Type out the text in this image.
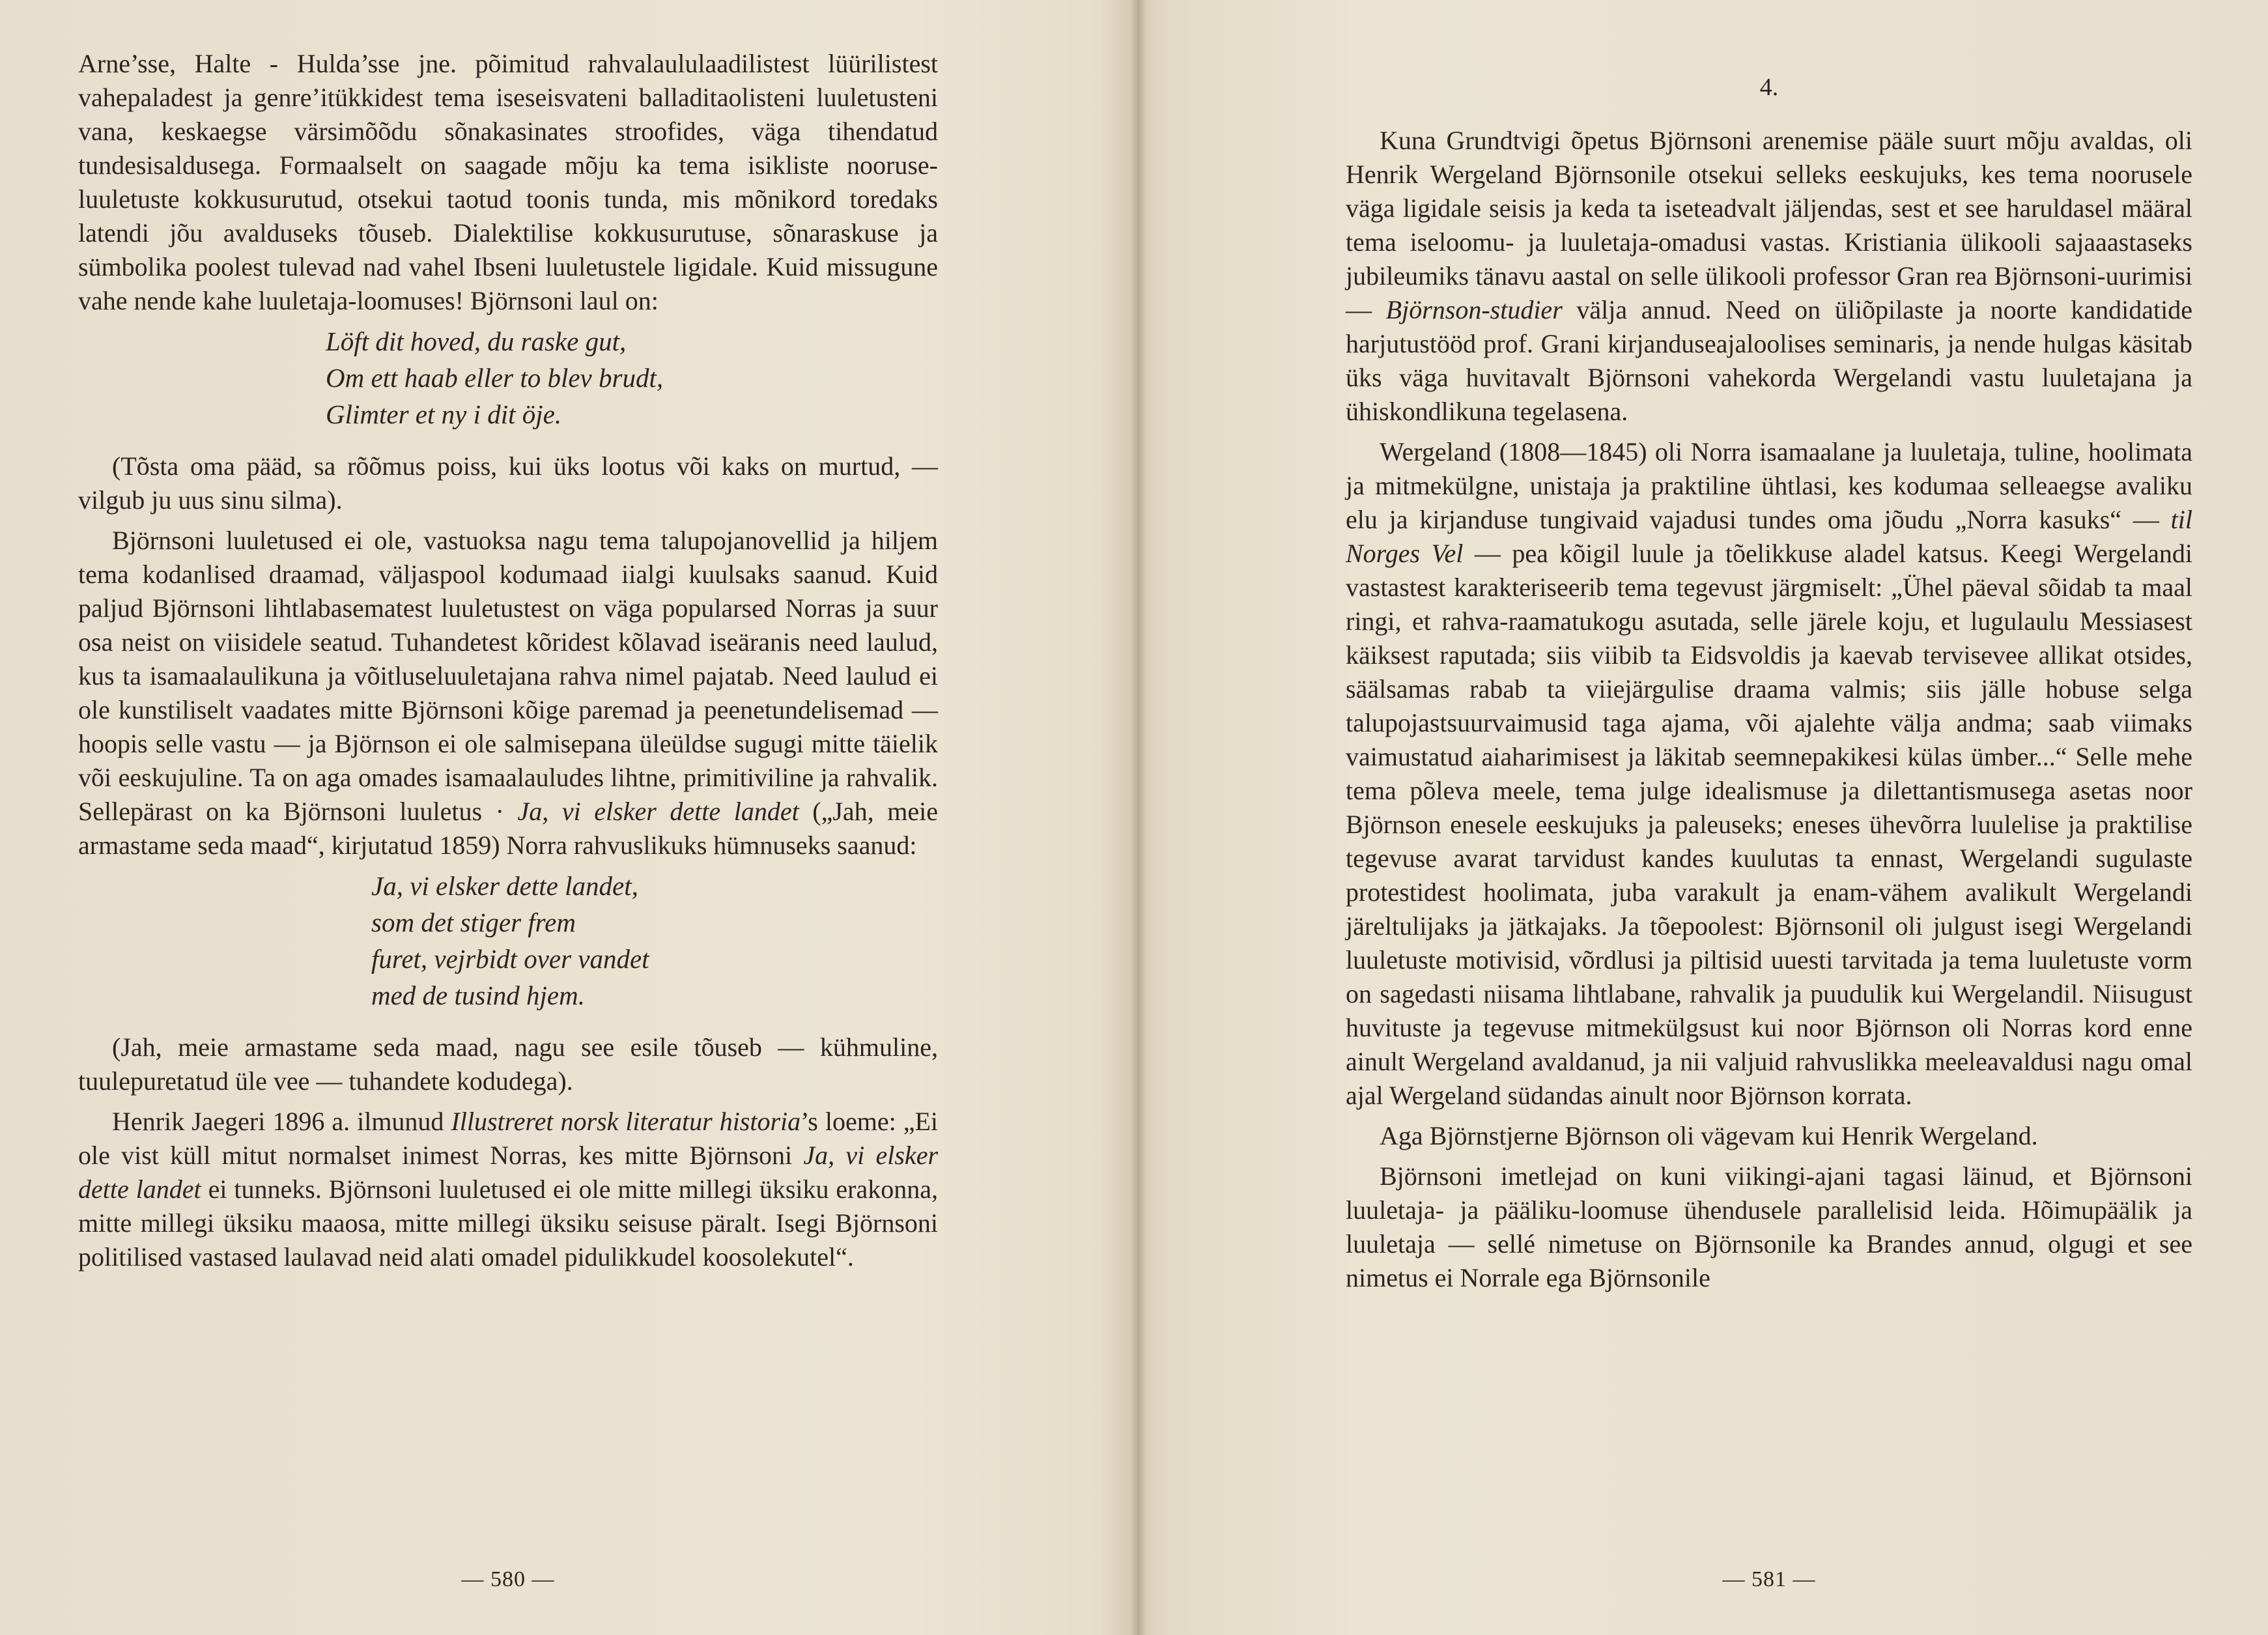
Arne’sse, Halte - Hulda’sse jne. põimitud rahvalaululaadilistest lüürilistest vahepaladest ja genre’itükkidest tema iseseisvateni balladitaolisteni luuletusteni vana, keskaegse värsimõõdu sõnakasinates stroofides, väga tihendatud tundesisaldusega. Formaalselt on saagade mõju ka tema isikliste nooruse-luuletuste kokkusurutud, otsekui taotud toonis tunda, mis mõnikord toredaks latendi jõu avalduseks tõuseb. Dialektilise kokkusurutuse, sõnaraskuse ja sümbolika poolest tulevad nad vahel Ibseni luuletustele ligidale. Kuid missugune vahe nende kahe luuletaja-loomuses! Björnsoni laul on:

Löft dit hoved, du raske gut,
Om ett haab eller to blev brudt,
Glimter et ny i dit öje.

(Tõsta oma pääd, sa rõõmus poiss, kui üks lootus või kaks on murtud, — vilgub ju uus sinu silma).

Björnsoni luuletused ei ole, vastuoksa nagu tema talupojanovellid ja hiljem tema kodanlised draamad, väljaspool kodumaad iialgi kuulsaks saanud. Kuid paljud Björnsoni lihtlabasematest luuletustest on väga popularsed Norras ja suur osa neist on viisidele seatud. Tuhandetest kõridest kõlavad iseäranis need laulud, kus ta isamaalaulikuna ja võitluseluuletajana rahva nimel pajatab. Need laulud ei ole kunstiliselt vaadates mitte Björnsoni kõige paremad ja peenetundelisemad — hoopis selle vastu — ja Björnson ei ole salmisepana üleüldse sugugi mitte täielik või eeskujuline. Ta on aga omades isamaalauludes lihtne, primitiviline ja rahvalik. Sellepärast on ka Björnsoni luuletus · Ja, vi elsker dette landet („Jah, meie armastame seda maad“, kirjutatud 1859) Norra rahvuslikuks hümnuseks saanud:

Ja, vi elsker dette landet,
som det stiger frem
furet, vejrbidt over vandet
med de tusind hjem.

(Jah, meie armastame seda maad, nagu see esile tõuseb — kühmuline, tuulepuretatud üle vee — tuhandete kodudega).

Henrik Jaegeri 1896 a. ilmunud Illustreret norsk literatur historia’s loeme: „Ei ole vist küll mitut normalset inimest Norras, kes mitte Björnsoni Ja, vi elsker dette landet ei tunneks. Björnsoni luuletused ei ole mitte millegi üksiku erakonna, mitte millegi üksiku maaosa, mitte millegi üksiku seisuse päralt. Isegi Björnsoni politilised vastased laulavad neid alati omadel pidulikkudel koosolekutel“.

— 580 —
4.

Kuna Grundtvigi õpetus Björnsoni arenemise pääle suurt mõju avaldas, oli Henrik Wergeland Björnsonile otsekui selleks eeskujuks, kes tema noorusele väga ligidale seisis ja keda ta iseteadvalt jäljendas, sest et see haruldasel määral tema iseloomu- ja luuletaja-omadusi vastas. Kristiania ülikooli sajaaastaseks jubileumiks tänavu aastal on selle ülikooli professor Gran rea Björnsoni-uurimisi — Björnson-studier välja annud. Need on üliõpilaste ja noorte kandidatide harjutustööd prof. Grani kirjanduseajaloolises seminaris, ja nende hulgas käsitab üks väga huvitavalt Björnsoni vahekorda Wergelandi vastu luuletajana ja ühiskondlikuna tegelasena.

Wergeland (1808—1845) oli Norra isamaalane ja luuletaja, tuline, hoolimata ja mitmekülgne, unistaja ja praktiline ühtlasi, kes kodumaa selleaegse avaliku elu ja kirjanduse tungivaid vajadusi tundes oma jõudu „Norra kasuks“ — til Norges Vel — pea kõigil luule ja tõelikkuse aladel katsus. Keegi Wergelandi vastastest karakteriseerib tema tegevust järgmiselt: „Ühel päeval sõidab ta maal ringi, et rahva-raamatukogu asutada, selle järele koju, et lugulaulu Messiasest käiksest raputada; siis viibib ta Eidsvoldis ja kaevab tervisevee allikat otsides, säälsamas rabab ta viiejärgulise draama valmis; siis jälle hobuse selga talupojastsuurvaimusid taga ajama, või ajalehte välja andma; saab viimaks vaimustatud aiaharimisest ja läkitab seemnepakikesi külas ümber...“ Selle mehe tema põleva meele, tema julge idealismuse ja dilettantismusega asetas noor Björnson enesele eeskujuks ja paleuseks; eneses ühevõrra luulelise ja praktilise tegevuse avarat tarvidust kandes kuulutas ta ennast, Wergelandi sugulaste protestidest hoolimata, juba varakult ja enam-vähem avalikult Wergelandi järeltulijaks ja jätkajaks. Ja tõepoolest: Björnsonil oli julgust isegi Wergelandi luuletuste motivisid, võrdlusi ja piltisid uuesti tarvitada ja tema luuletuste vorm on sagedasti niisama lihtlabane, rahvalik ja puudulik kui Wergelandil. Niisugust huvituste ja tegevuse mitmekülgsust kui noor Björnson oli Norras kord enne ainult Wergeland avaldanud, ja nii valjuid rahvuslikka meeleavaldusi nagu omal ajal Wergeland südandas ainult noor Björnson korrata.

Aga Björnstjerne Björnson oli vägevam kui Henrik Wergeland.

Björnsoni imetlejad on kuni viikingi-ajani tagasi läinud, et Björnsoni luuletaja- ja pääliku-loomuse ühendusele parallelisid leida. Hõimupäälik ja luuletaja — sellé nimetuse on Björnsonile ka Brandes annud, olgugi et see nimetus ei Norrale ega Björnsonile

— 581 —
